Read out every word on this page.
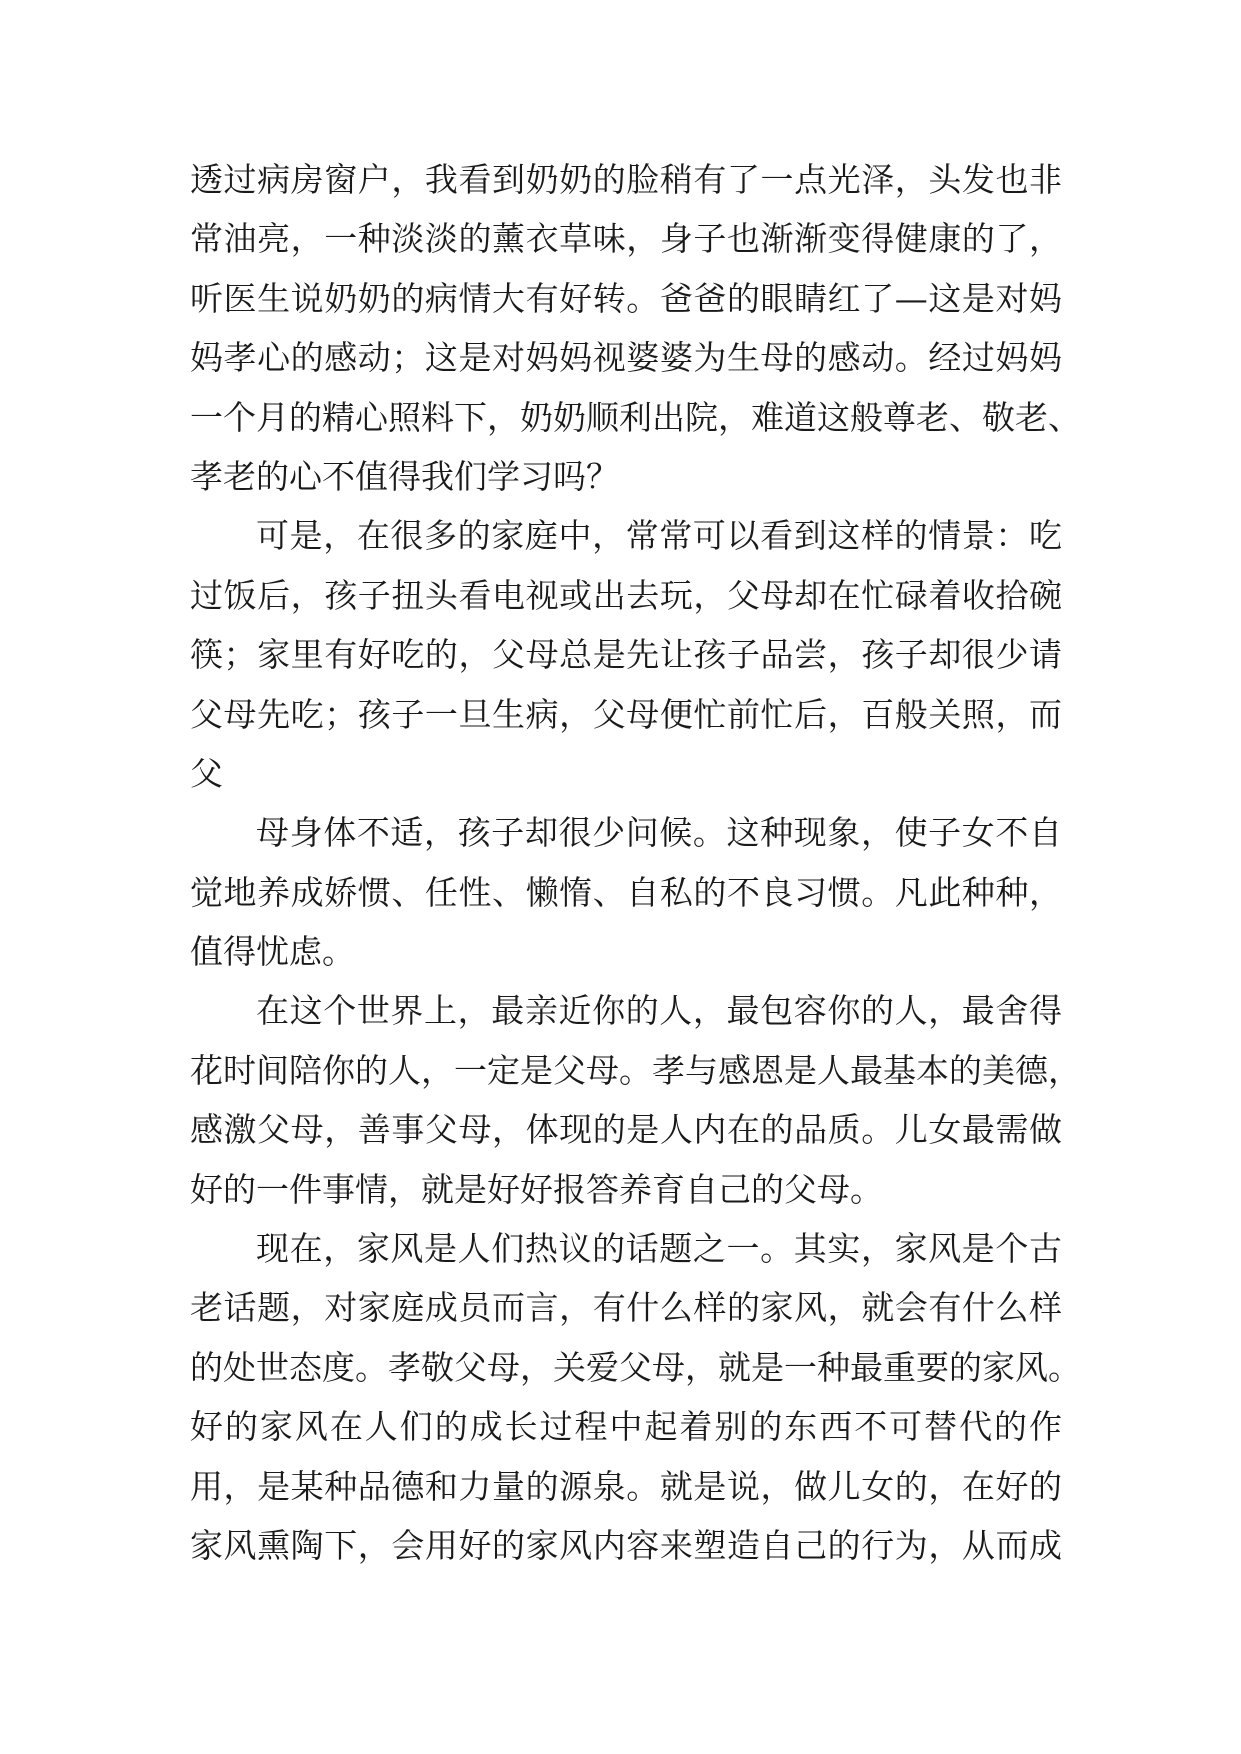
透过病房窗户，我看到奶奶的脸稍有了一点光泽，头发也非
常油亮，一种淡淡的薰衣草味，身子也渐渐变得健康的了，
听医生说奶奶的病情大有好转。爸爸的眼睛红了—这是对妈
妈孝心的感动；这是对妈妈视婆婆为生母的感动。经过妈妈
一个月的精心照料下，奶奶顺利出院，难道这般尊老、敬老、
孝老的心不值得我们学习吗？
可是，在很多的家庭中，常常可以看到这样的情景：吃
过饭后，孩子扭头看电视或出去玩，父母却在忙碌着收拾碗
筷；家里有好吃的，父母总是先让孩子品尝，孩子却很少请
父母先吃；孩子一旦生病，父母便忙前忙后，百般关照，而
父
母身体不适，孩子却很少问候。这种现象，使子女不自
觉地养成娇惯、任性、懒惰、自私的不良习惯。凡此种种，
值得忧虑。
在这个世界上，最亲近你的人，最包容你的人，最舍得
花时间陪你的人，一定是父母。孝与感恩是人最基本的美德，
感激父母，善事父母，体现的是人内在的品质。儿女最需做
好的一件事情，就是好好报答养育自己的父母。
现在，家风是人们热议的话题之一。其实，家风是个古
老话题，对家庭成员而言，有什么样的家风，就会有什么样
的处世态度。孝敬父母，关爱父母，就是一种最重要的家风。
好的家风在人们的成长过程中起着别的东西不可替代的作
用，是某种品德和力量的源泉。就是说，做儿女的，在好的
家风熏陶下，会用好的家风内容来塑造自己的行为，从而成
